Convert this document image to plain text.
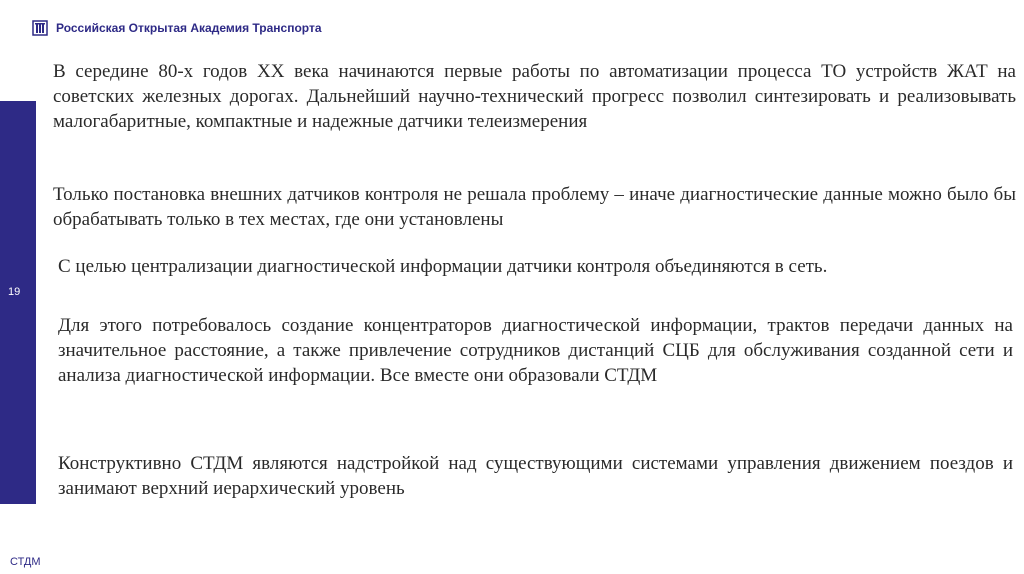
Российская Открытая Академия Транспорта
19

В середине 80-х годов XX века начинаются первые работы по автоматизации процесса ТО устройств ЖАТ на советских железных дорогах. Дальнейший научно-технический прогресс позволил синтезировать и реализовывать малогабаритные, компактные и надежные датчики телеизмерения

Только постановка внешних датчиков контроля не решала проблему – иначе диагностические данные можно было бы обрабатывать только в тех местах, где они установлены

С целью централизации диагностической информации датчики контроля объединяются в сеть.

Для этого потребовалось создание концентраторов диагностической информации, трактов передачи данных на значительное расстояние, а также привлечение сотрудников дистанций СЦБ для обслуживания созданной сети и анализа диагностической информации. Все вместе они образовали СТДМ

Конструктивно СТДМ являются надстройкой над существующими системами управления движением поездов и занимают верхний иерархический уровень

СТДМ
